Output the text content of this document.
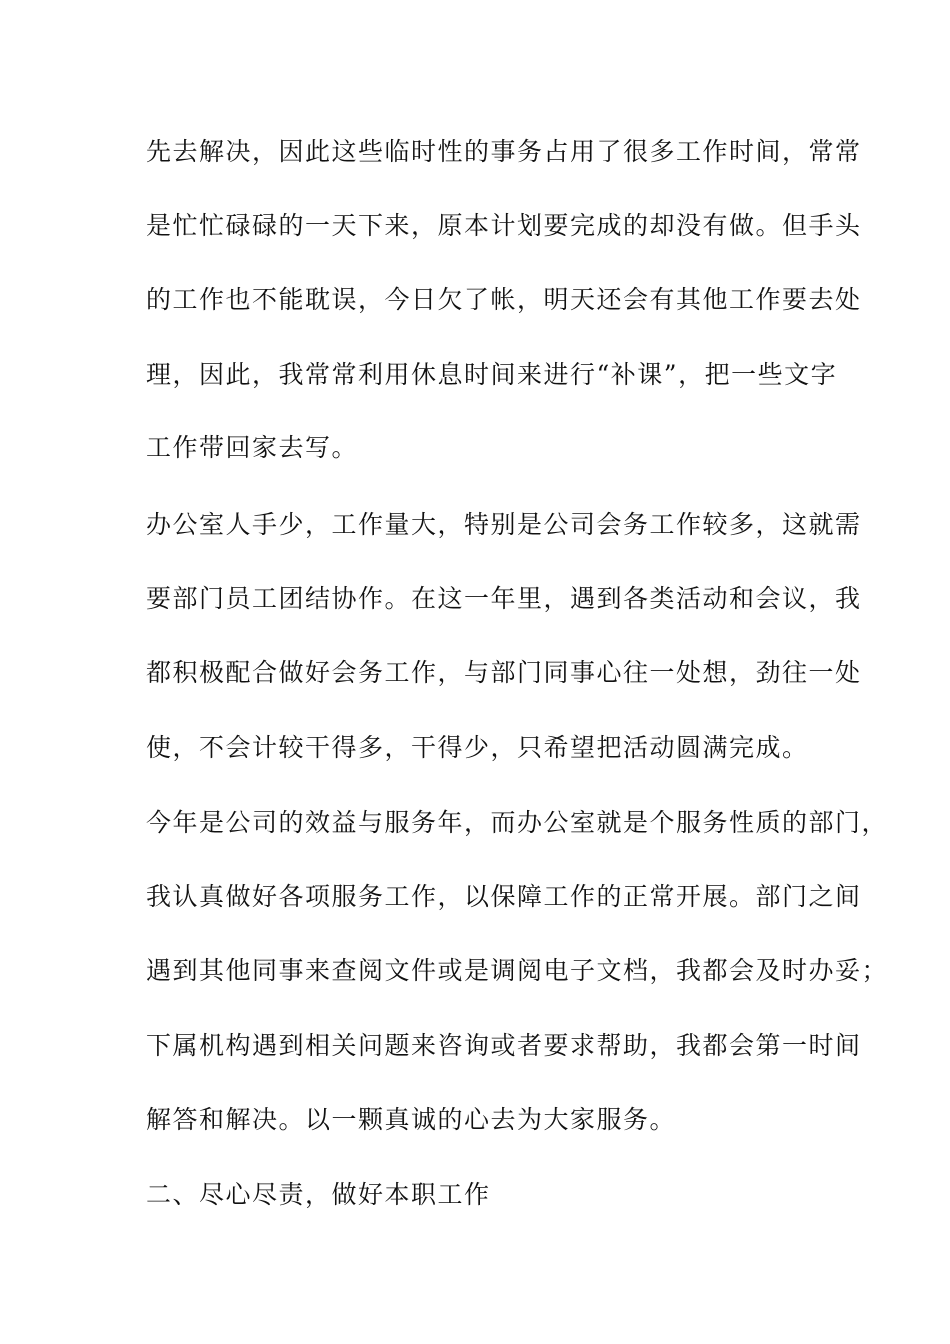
先去解决，因此这些临时性的事务占用了很多工作时间，常常
是忙忙碌碌的一天下来，原本计划要完成的却没有做。但手头
的工作也不能耽误，今日欠了帐，明天还会有其他工作要去处
理，因此，我常常利用休息时间来进行“补课”，把一些文字
工作带回家去写。
办公室人手少，工作量大，特别是公司会务工作较多，这就需
要部门员工团结协作。在这一年里，遇到各类活动和会议，我
都积极配合做好会务工作，与部门同事心往一处想，劲往一处
使，不会计较干得多，干得少，只希望把活动圆满完成。
今年是公司的效益与服务年，而办公室就是个服务性质的部门，
我认真做好各项服务工作，以保障工作的正常开展。部门之间
遇到其他同事来查阅文件或是调阅电子文档，我都会及时办妥；
下属机构遇到相关问题来咨询或者要求帮助，我都会第一时间
解答和解决。以一颗真诚的心去为大家服务。
二、尽心尽责，做好本职工作
